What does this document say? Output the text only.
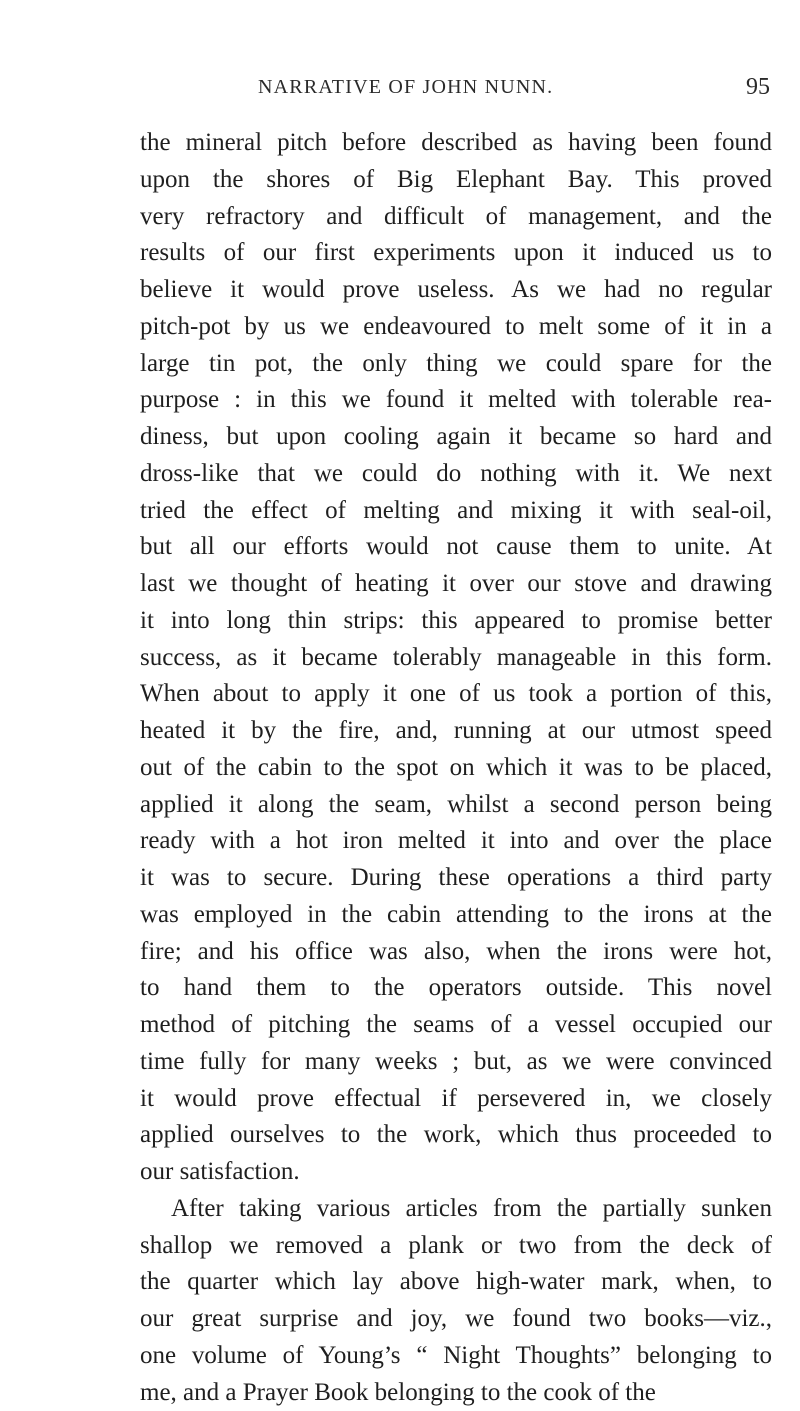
NARRATIVE OF JOHN NUNN.	95
the mineral pitch before described as having been found
upon the shores of Big Elephant Bay. This proved
very refractory and difficult of management, and the
results of our first experiments upon it induced us to
believe it would prove useless. As we had no regular
pitch-pot by us we endeavoured to melt some of it in a
large tin pot, the only thing we could spare for the
purpose : in this we found it melted with tolerable rea-
diness, but upon cooling again it became so hard and
dross-like that we could do nothing with it. We next
tried the effect of melting and mixing it with seal-oil,
but all our efforts would not cause them to unite. At
last we thought of heating it over our stove and drawing
it into long thin strips: this appeared to promise better
success, as it became tolerably manageable in this form.
When about to apply it one of us took a portion of this,
heated it by the fire, and, running at our utmost speed
out of the cabin to the spot on which it was to be placed,
applied it along the seam, whilst a second person being
ready with a hot iron melted it into and over the place
it was to secure. During these operations a third party
was employed in the cabin attending to the irons at the
fire; and his office was also, when the irons were hot,
to hand them to the operators outside. This novel
method of pitching the seams of a vessel occupied our
time fully for many weeks ; but, as we were convinced
it would prove effectual if persevered in, we closely
applied ourselves to the work, which thus proceeded to
our satisfaction.
After taking various articles from the partially sunken
shallop we removed a plank or two from the deck of
the quarter which lay above high-water mark, when, to
our great surprise and joy, we found two books—viz.,
one volume of Young’s “ Night Thoughts” belonging to
me, and a Prayer Book belonging to the cook of the
